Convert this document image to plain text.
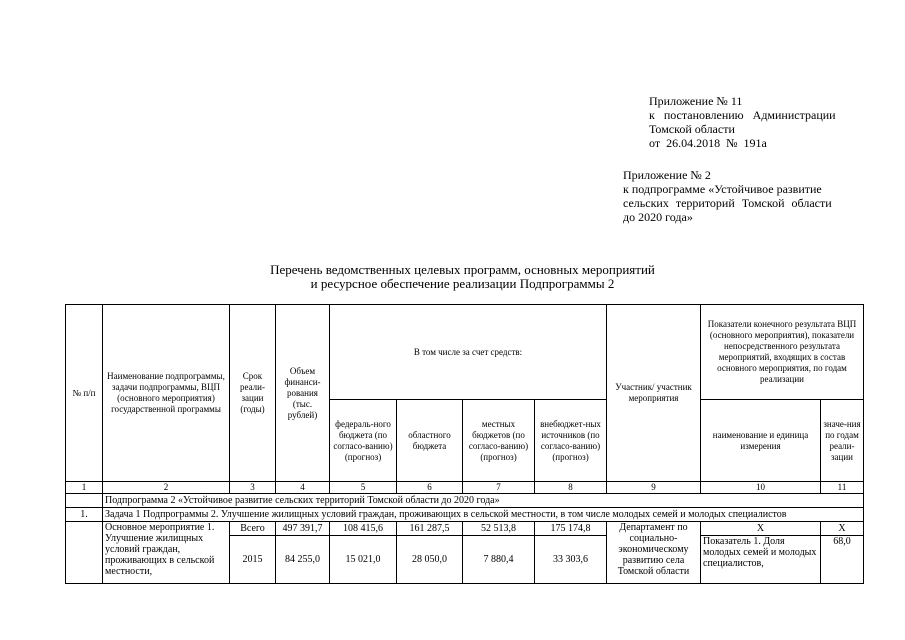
Приложение № 11
к постановлению Администрации
Томской области
от 26.04.2018 № 191а
Приложение № 2
к подпрограмме «Устойчивое развитие
сельских территорий Томской области
до 2020 года»
Перечень ведомственных целевых программ, основных мероприятий
и ресурсное обеспечение реализации Подпрограммы 2
№ п/п	Наименование подпрограммы, задачи подпрограммы, ВЦП (основного мероприятия) государственной программы	Срок реали-зации (годы)	Объем финанси-рования (тыс. рублей)	В том числе за счет средств:				Участник/ участник мероприятия	Показатели конечного результата ВЦП (основного мероприятия), показатели непосредственного результата мероприятий, входящих в состав основного мероприятия, по годам реализации	
				федераль-ного бюджета (по согласо-ванию) (прогноз)	областного бюджета	местных бюджетов (по согласо-ванию) (прогноз)	внебюджет-ных источников (по согласо-ванию) (прогноз)		наименование и единица измерения	значе-ния по годам реали-зации
1	2	3	4	5	6	7	8	9	10	11
	Подпрограмма 2 «Устойчивое развитие сельских территорий Томской области до 2020 года»									
1.	Задача 1 Подпрограммы 2. Улучшение жилищных условий граждан, проживающих в сельской местности, в том числе молодых семей и молодых специалистов									
	Основное мероприятие 1. Улучшение жилищных условий граждан, проживающих в сельской местности,	Всего	497 391,7	108 415,6	161 287,5	52 513,8	175 174,8	Департамент по социально-экономическому развитию села Томской области	X	X
		2015	84 255,0	15 021,0	28 050,0	7 880,4	33 303,6		Показатель 1. Доля молодых семей и молодых специалистов,	68,0
